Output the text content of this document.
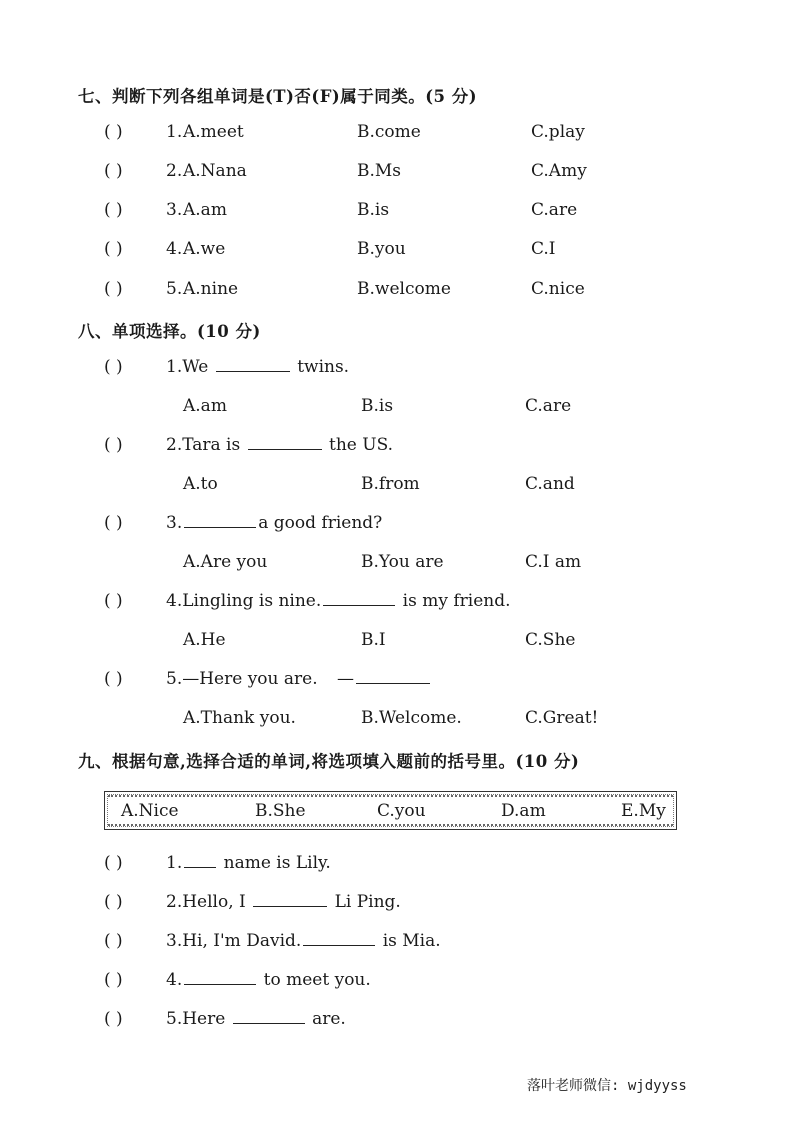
七、判断下列各组单词是(T)否(F)属于同类。(5 分)
( )	1. A.meet	B.come	C.play
( )	2. A.Nana	B.Ms	C.Amy
( )	3. A.am	B.is	C.are
( )	4. A.we	B.you	C.I
( )	5. A.nine	B.welcome	C.nice
八、单项选择。(10 分)
( )	1.We	twins.
A.am	B.is	C.are
( )	2.Tara is	the US.
A.to	B.from	C.and
( )	3.	a good friend?
A.Are you	B.You are	C.I am
( )	4.Lingling is nine.	is my friend.
A.He	B.I	C.She
( )	5.—Here you are. —
A.Thank you.	B.Welcome.	C.Great!
九、根据句意,选择合适的单词,将选项填入题前的括号里。(10 分)
A.Nice	B.She	C.you	D.am	E.My
( )	1. name is Lily.
( )	2.Hello, I	Li Ping.
( )	3.Hi, I'm David.	is Mia.
( )	4.	to meet you.
( )	5.Here	are.
落叶老师微信: wjdyyss
